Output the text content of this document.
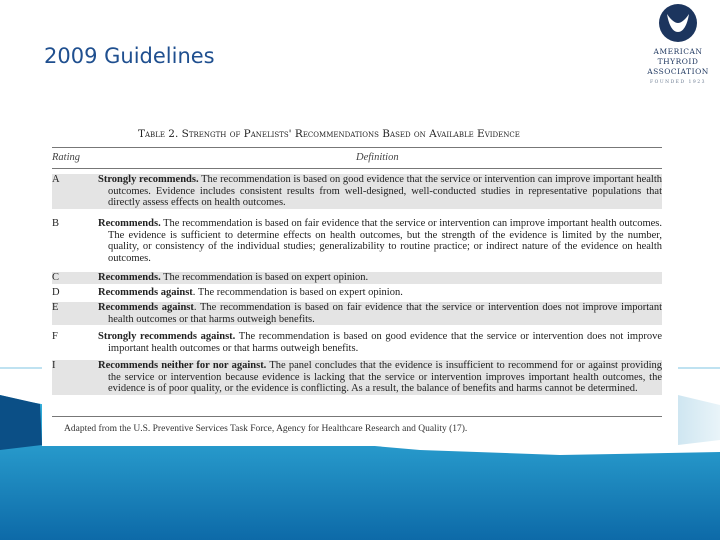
2009 Guidelines	AMERICAN
THYROID
ASSOCIATION
FOUNDED 1923
Table 2. Strength of Panelists' Recommendations Based on Available Evidence
Rating	Definition
A	Strongly recommends. The recommendation is based on good evidence that the service or intervention can improve important health outcomes. Evidence includes consistent results from well-designed, well-conducted studies in representative populations that directly assess effects on health outcomes.
B	Recommends. The recommendation is based on fair evidence that the service or intervention can improve important health outcomes. The evidence is sufficient to determine effects on health outcomes, but the strength of the evidence is limited by the number, quality, or consistency of the individual studies; generalizability to routine practice; or indirect nature of the evidence on health outcomes.
C	Recommends. The recommendation is based on expert opinion.
D	Recommends against. The recommendation is based on expert opinion.
E	Recommends against. The recommendation is based on fair evidence that the service or intervention does not improve important health outcomes or that harms outweigh benefits.
F	Strongly recommends against. The recommendation is based on good evidence that the service or intervention does not improve important health outcomes or that harms outweigh benefits.
I	Recommends neither for nor against. The panel concludes that the evidence is insufficient to recommend for or against providing the service or intervention because evidence is lacking that the service or intervention improves important health outcomes, the evidence is of poor quality, or the evidence is conflicting. As a result, the balance of benefits and harms cannot be determined.
Adapted from the U.S. Preventive Services Task Force, Agency for Healthcare Research and Quality (17).
